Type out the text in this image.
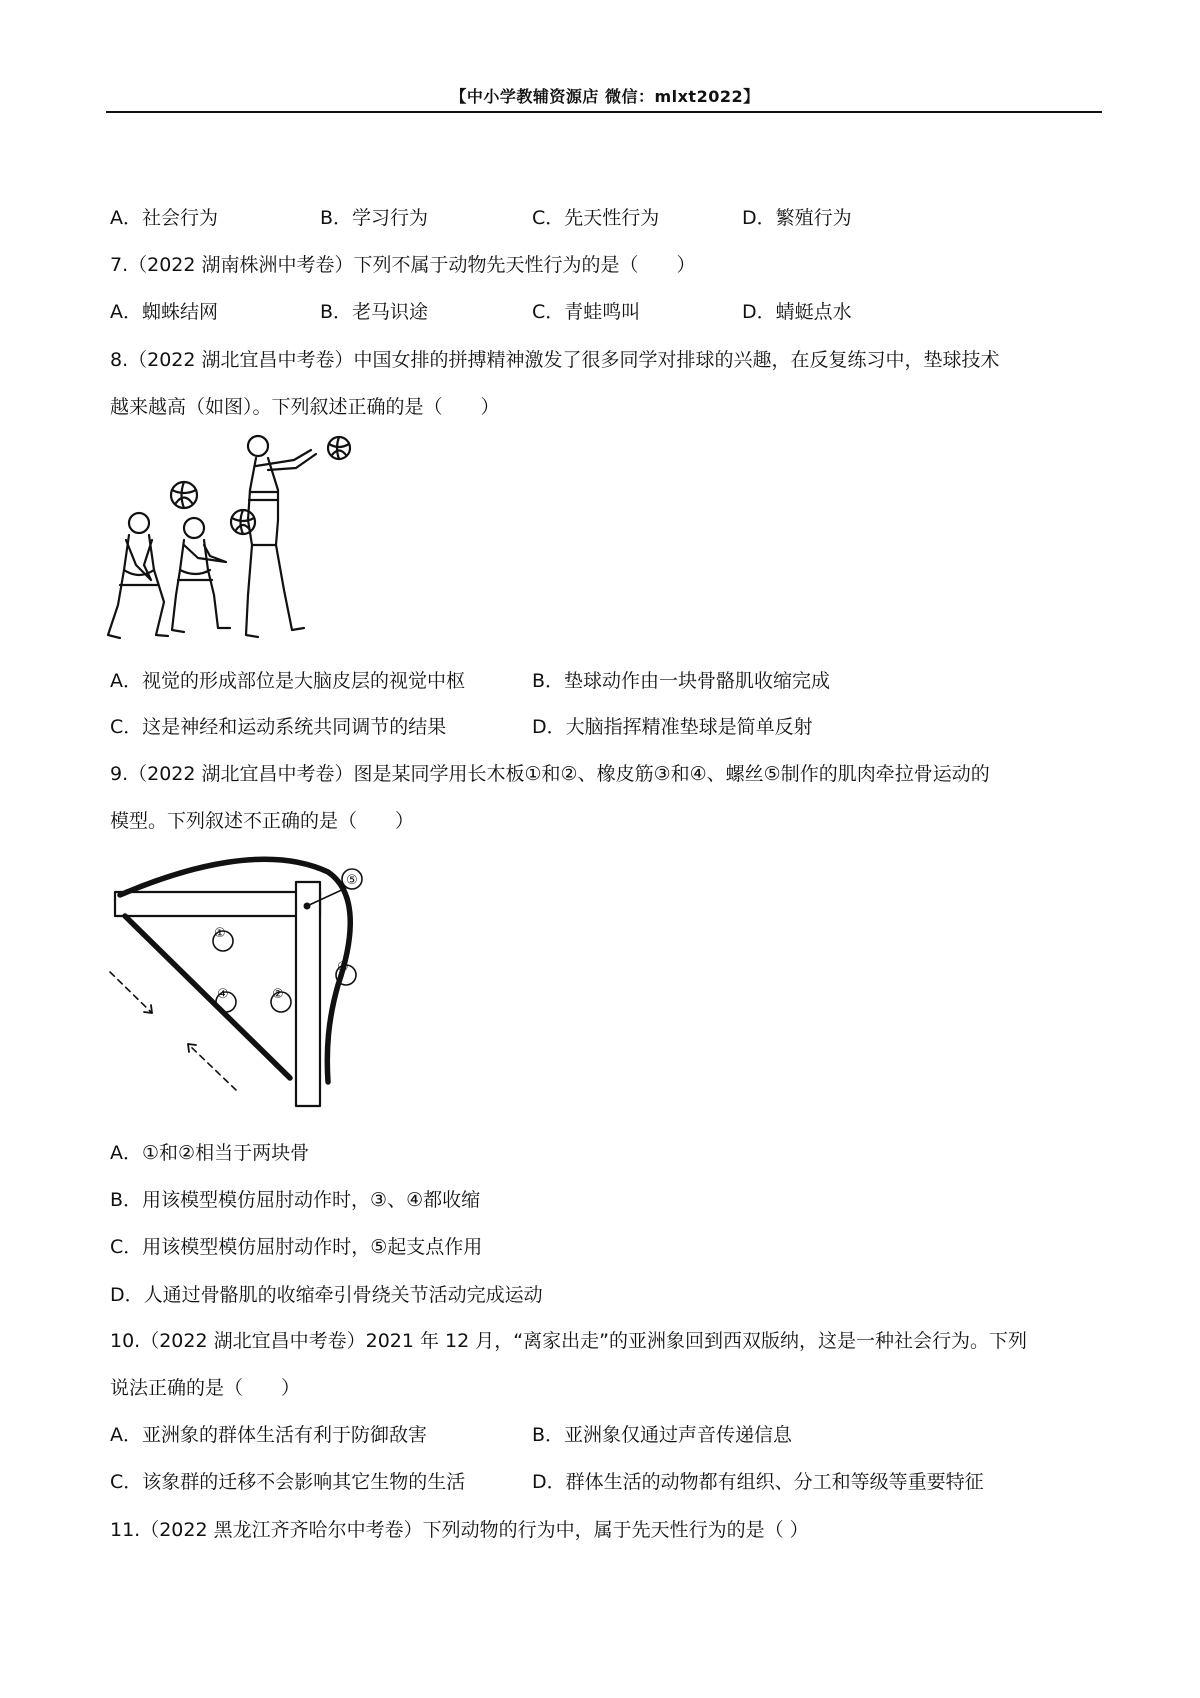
【中小学教辅资源店 微信：mlxt2022】
A．社会行为	B．学习行为	C．先天性行为	D．繁殖行为
7.（2022 湖南株洲中考卷）下列不属于动物先天性行为的是（　　）
A．蜘蛛结网	B．老马识途	C．青蛙鸣叫	D．蜻蜓点水
8.（2022 湖北宜昌中考卷）中国女排的拼搏精神激发了很多同学对排球的兴趣，在反复练习中，垫球技术
越来越高（如图）。下列叙述正确的是（　　）
A．视觉的形成部位是大脑皮层的视觉中枢	B．垫球动作由一块骨骼肌收缩完成
C．这是神经和运动系统共同调节的结果	D．大脑指挥精准垫球是简单反射
9.（2022 湖北宜昌中考卷）图是某同学用长木板①和②、橡皮筋③和④、螺丝⑤制作的肌肉牵拉骨运动的
模型。下列叙述不正确的是（　　）
⑤
A．①和②相当于两块骨
B．用该模型模仿屈肘动作时，③、④都收缩
C．用该模型模仿屈肘动作时，⑤起支点作用
D．人通过骨骼肌的收缩牵引骨绕关节活动完成运动
10.（2022 湖北宜昌中考卷）2021 年 12 月，“离家出走”的亚洲象回到西双版纳，这是一种社会行为。下列
说法正确的是（　　）
A．亚洲象的群体生活有利于防御敌害	B．亚洲象仅通过声音传递信息
C．该象群的迁移不会影响其它生物的生活	D．群体生活的动物都有组织、分工和等级等重要特征
11.（2022 黑龙江齐齐哈尔中考卷）下列动物的行为中，属于先天性行为的是（ ）
①
②
③
④
